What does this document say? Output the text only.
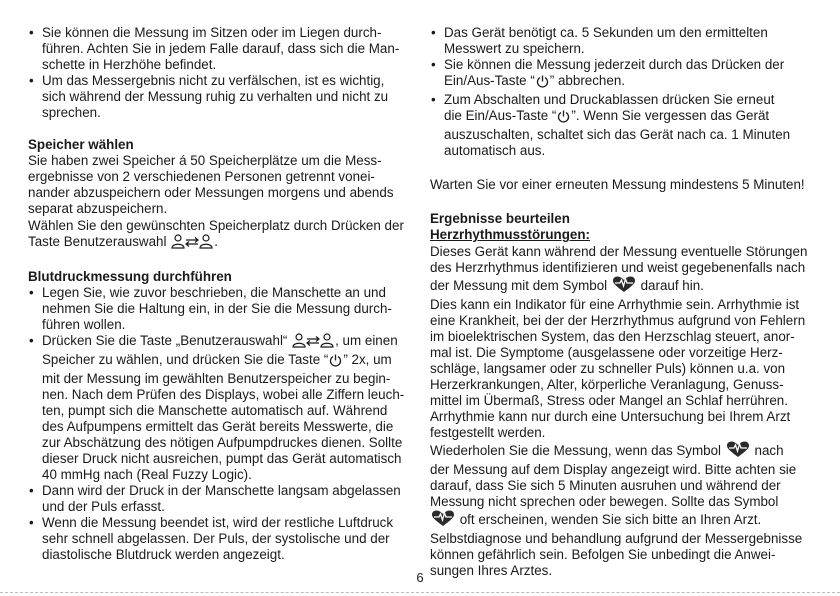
• Sie können die Messung im Sitzen oder im Liegen durch-
führen. Achten Sie in jedem Falle darauf, dass sich die Man-
schette in Herzhöhe befindet.
• Um das Messergebnis nicht zu verfälschen, ist es wichtig,
sich während der Messung ruhig zu verhalten und nicht zu
sprechen.
Speicher wählen

Sie haben zwei Speicher á 50 Speicherplätze um die Mess-
ergebnisse von 2 verschiedenen Personen getrennt vonei-
nander abzuspeichern oder Messungen morgens und abends
separat abzuspeichern.
Wählen Sie den gewünschten Speicherplatz durch Drücken der
Taste Benutzerauswahl	.

Blutdruckmessung durchführen
• Legen Sie, wie zuvor beschrieben, die Manschette an und
nehmen Sie die Haltung ein, in der Sie die Messung durch-
führen wollen.
• Drücken Sie die Taste „Benutzerauswahl“	, um einen
Speicher zu wählen, und drücken Sie die Taste “ ” 2x, um
mit der Messung im gewählten Benutzerspeicher zu begin-
nen. Nach dem Prüfen des Displays, wobei alle Ziffern leuch-
ten, pumpt sich die Manschette automatisch auf. Während
des Aufpumpens ermittelt das Gerät bereits Messwerte, die
zur Abschätzung des nötigen Aufpumpdruckes dienen. Sollte
dieser Druck nicht ausreichen, pumpt das Gerät automatisch
40 mmHg nach (Real Fuzzy Logic).
• Dann wird der Druck in der Manschette langsam abgelassen
und der Puls erfasst.
• Wenn die Messung beendet ist, wird der restliche Luftdruck
sehr schnell abgelassen. Der Puls, der systolische und der
diastolische Blutdruck werden angezeigt.
• Das Gerät benötigt ca. 5 Sekunden um den ermittelten
Messwert zu speichern.
• Sie können die Messung jederzeit durch das Drücken der
Ein/Aus-Taste “ ” abbrechen.
• Zum Abschalten und Druckablassen drücken Sie erneut
die Ein/Aus-Taste “ ”. Wenn Sie vergessen das Gerät
auszuschalten, schaltet sich das Gerät nach ca. 1 Minuten
automatisch aus.

Warten Sie vor einer erneuten Messung mindestens 5 Minuten!

Ergebnisse beurteilen

Herzrhythmusstörungen:

Dieses Gerät kann während der Messung eventuelle Störungen
des Herzrhythmus identifizieren und weist gegebenenfalls nach
der Messung mit dem Symbol darauf hin.

Dies kann ein Indikator für eine Arrhythmie sein. Arrhythmie ist
eine Krankheit, bei der der Herzrhythmus aufgrund von Fehlern
im bioelektrischen System, das den Herzschlag steuert, anor-
mal ist. Die Symptome (ausgelassene oder vorzeitige Herz-
schläge, langsamer oder zu schneller Puls) können u.a. von
Herzerkrankungen, Alter, körperliche Veranlagung, Genuss-
mittel im Übermaß, Stress oder Mangel an Schlaf herrühren.
Arrhythmie kann nur durch eine Untersuchung bei Ihrem Arzt
festgestellt werden.

Wiederholen Sie die Messung, wenn das Symbol nach
der Messung auf dem Display angezeigt wird. Bitte achten sie
darauf, dass Sie sich 5 Minuten ausruhen und während der
Messung nicht sprechen oder bewegen. Sollte das Symbol
oft erscheinen, wenden Sie sich bitte an Ihren Arzt.
Selbstdiagnose und behandlung aufgrund der Messergebnisse
können gefährlich sein. Befolgen Sie unbedingt die Anwei-
sungen Ihres Arztes.

6
